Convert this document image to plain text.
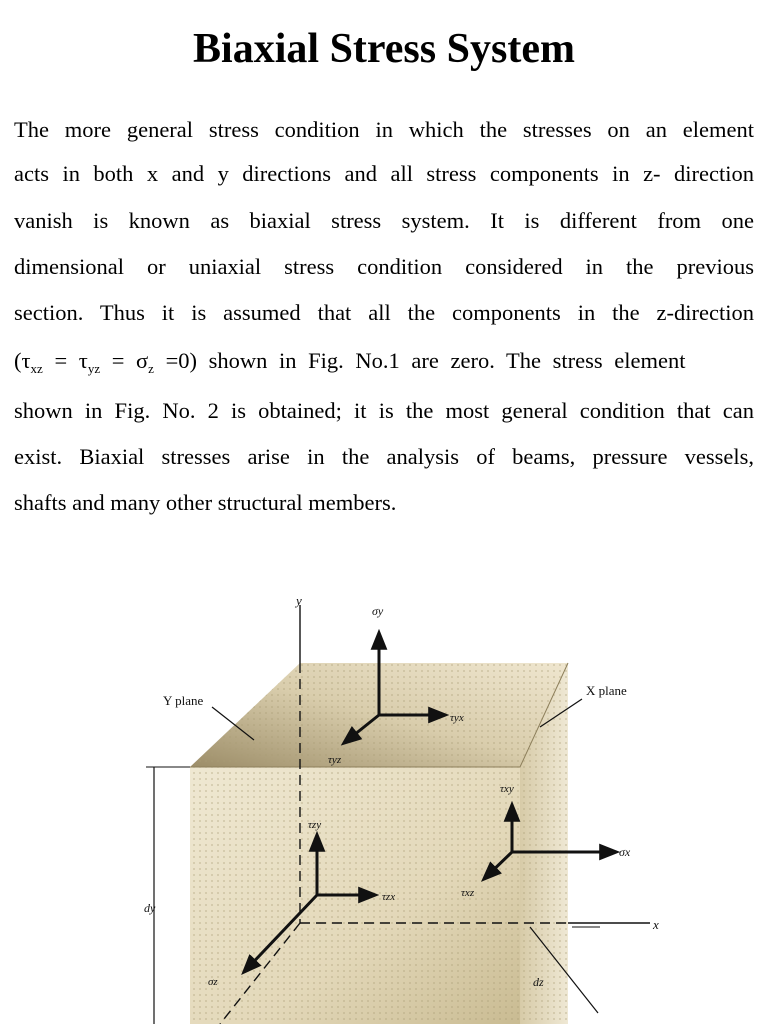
Biaxial Stress System
The more general stress condition in which the stresses on an element
acts in both x and y directions and all stress components in z- direction
vanish is known as biaxial stress system. It is different from one
dimensional or uniaxial stress condition considered in the previous
section. Thus it is assumed that all the components in the z-direction
$(\tau_{xz} = \tau_{yz} = \sigma_z =0)$ shown in Fig. No.1 are zero. The stress element
shown in Fig. No. 2 is obtained; it is the most general condition that can
exist. Biaxial stresses arise in the analysis of beams, pressure vessels,
shafts and many other structural members.
y
x
σy
τyx
τyz
τxy
σx
τxz
τzy
τzx
σz
Y plane
X plane
dy
dz
